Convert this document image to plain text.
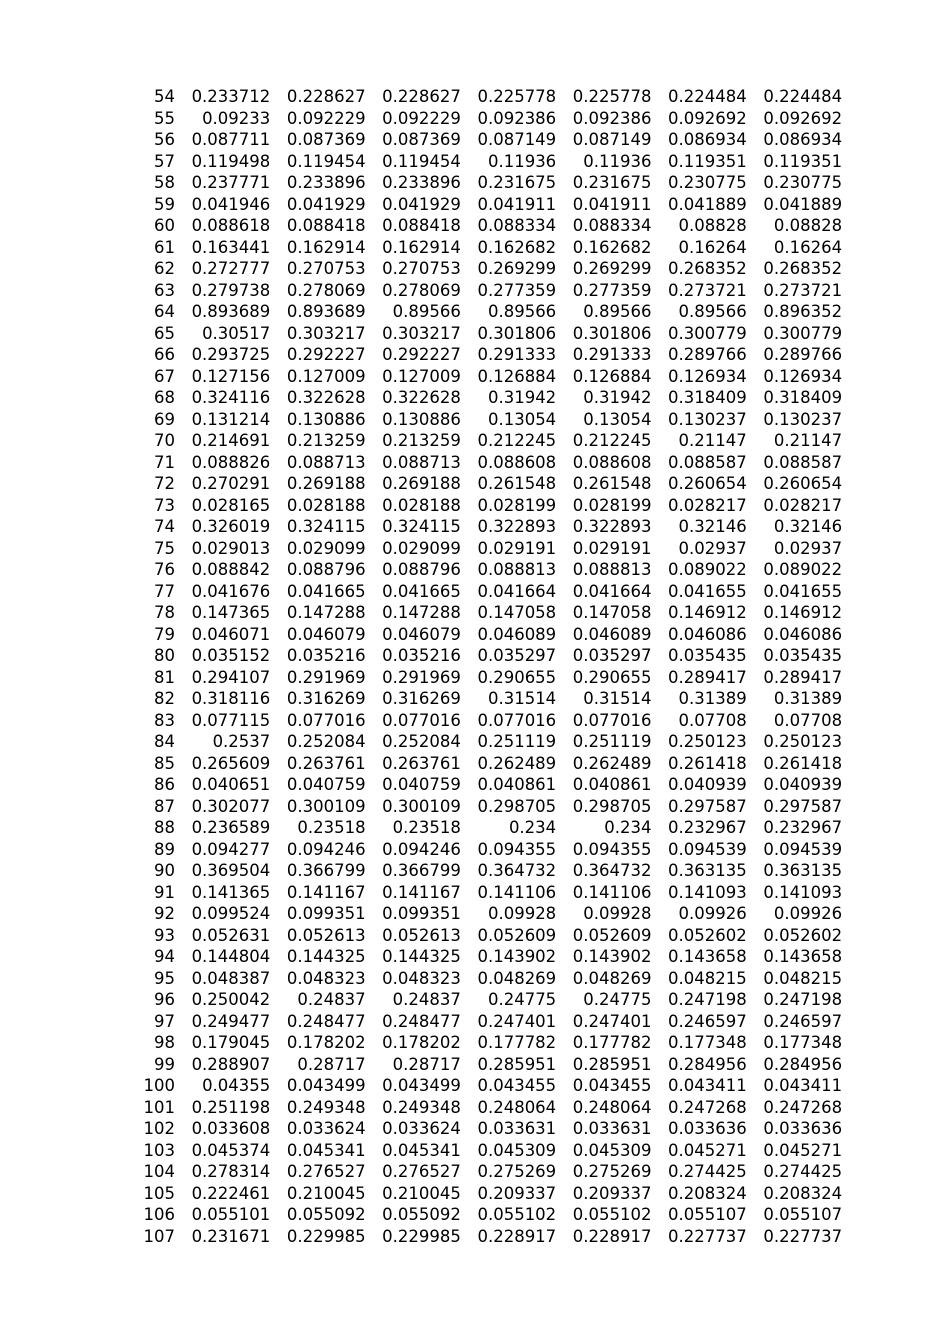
54	0.233712	0.228627	0.228627	0.225778	0.225778	0.224484	0.224484
55	0.09233	0.092229	0.092229	0.092386	0.092386	0.092692	0.092692
56	0.087711	0.087369	0.087369	0.087149	0.087149	0.086934	0.086934
57	0.119498	0.119454	0.119454	0.11936	0.11936	0.119351	0.119351
58	0.237771	0.233896	0.233896	0.231675	0.231675	0.230775	0.230775
59	0.041946	0.041929	0.041929	0.041911	0.041911	0.041889	0.041889
60	0.088618	0.088418	0.088418	0.088334	0.088334	0.08828	0.08828
61	0.163441	0.162914	0.162914	0.162682	0.162682	0.16264	0.16264
62	0.272777	0.270753	0.270753	0.269299	0.269299	0.268352	0.268352
63	0.279738	0.278069	0.278069	0.277359	0.277359	0.273721	0.273721
64	0.893689	0.893689	0.89566	0.89566	0.89566	0.89566	0.896352
65	0.30517	0.303217	0.303217	0.301806	0.301806	0.300779	0.300779
66	0.293725	0.292227	0.292227	0.291333	0.291333	0.289766	0.289766
67	0.127156	0.127009	0.127009	0.126884	0.126884	0.126934	0.126934
68	0.324116	0.322628	0.322628	0.31942	0.31942	0.318409	0.318409
69	0.131214	0.130886	0.130886	0.13054	0.13054	0.130237	0.130237
70	0.214691	0.213259	0.213259	0.212245	0.212245	0.21147	0.21147
71	0.088826	0.088713	0.088713	0.088608	0.088608	0.088587	0.088587
72	0.270291	0.269188	0.269188	0.261548	0.261548	0.260654	0.260654
73	0.028165	0.028188	0.028188	0.028199	0.028199	0.028217	0.028217
74	0.326019	0.324115	0.324115	0.322893	0.322893	0.32146	0.32146
75	0.029013	0.029099	0.029099	0.029191	0.029191	0.02937	0.02937
76	0.088842	0.088796	0.088796	0.088813	0.088813	0.089022	0.089022
77	0.041676	0.041665	0.041665	0.041664	0.041664	0.041655	0.041655
78	0.147365	0.147288	0.147288	0.147058	0.147058	0.146912	0.146912
79	0.046071	0.046079	0.046079	0.046089	0.046089	0.046086	0.046086
80	0.035152	0.035216	0.035216	0.035297	0.035297	0.035435	0.035435
81	0.294107	0.291969	0.291969	0.290655	0.290655	0.289417	0.289417
82	0.318116	0.316269	0.316269	0.31514	0.31514	0.31389	0.31389
83	0.077115	0.077016	0.077016	0.077016	0.077016	0.07708	0.07708
84	0.2537	0.252084	0.252084	0.251119	0.251119	0.250123	0.250123
85	0.265609	0.263761	0.263761	0.262489	0.262489	0.261418	0.261418
86	0.040651	0.040759	0.040759	0.040861	0.040861	0.040939	0.040939
87	0.302077	0.300109	0.300109	0.298705	0.298705	0.297587	0.297587
88	0.236589	0.23518	0.23518	0.234	0.234	0.232967	0.232967
89	0.094277	0.094246	0.094246	0.094355	0.094355	0.094539	0.094539
90	0.369504	0.366799	0.366799	0.364732	0.364732	0.363135	0.363135
91	0.141365	0.141167	0.141167	0.141106	0.141106	0.141093	0.141093
92	0.099524	0.099351	0.099351	0.09928	0.09928	0.09926	0.09926
93	0.052631	0.052613	0.052613	0.052609	0.052609	0.052602	0.052602
94	0.144804	0.144325	0.144325	0.143902	0.143902	0.143658	0.143658
95	0.048387	0.048323	0.048323	0.048269	0.048269	0.048215	0.048215
96	0.250042	0.24837	0.24837	0.24775	0.24775	0.247198	0.247198
97	0.249477	0.248477	0.248477	0.247401	0.247401	0.246597	0.246597
98	0.179045	0.178202	0.178202	0.177782	0.177782	0.177348	0.177348
99	0.288907	0.28717	0.28717	0.285951	0.285951	0.284956	0.284956
100	0.04355	0.043499	0.043499	0.043455	0.043455	0.043411	0.043411
101	0.251198	0.249348	0.249348	0.248064	0.248064	0.247268	0.247268
102	0.033608	0.033624	0.033624	0.033631	0.033631	0.033636	0.033636
103	0.045374	0.045341	0.045341	0.045309	0.045309	0.045271	0.045271
104	0.278314	0.276527	0.276527	0.275269	0.275269	0.274425	0.274425
105	0.222461	0.210045	0.210045	0.209337	0.209337	0.208324	0.208324
106	0.055101	0.055092	0.055092	0.055102	0.055102	0.055107	0.055107
107	0.231671	0.229985	0.229985	0.228917	0.228917	0.227737	0.227737
